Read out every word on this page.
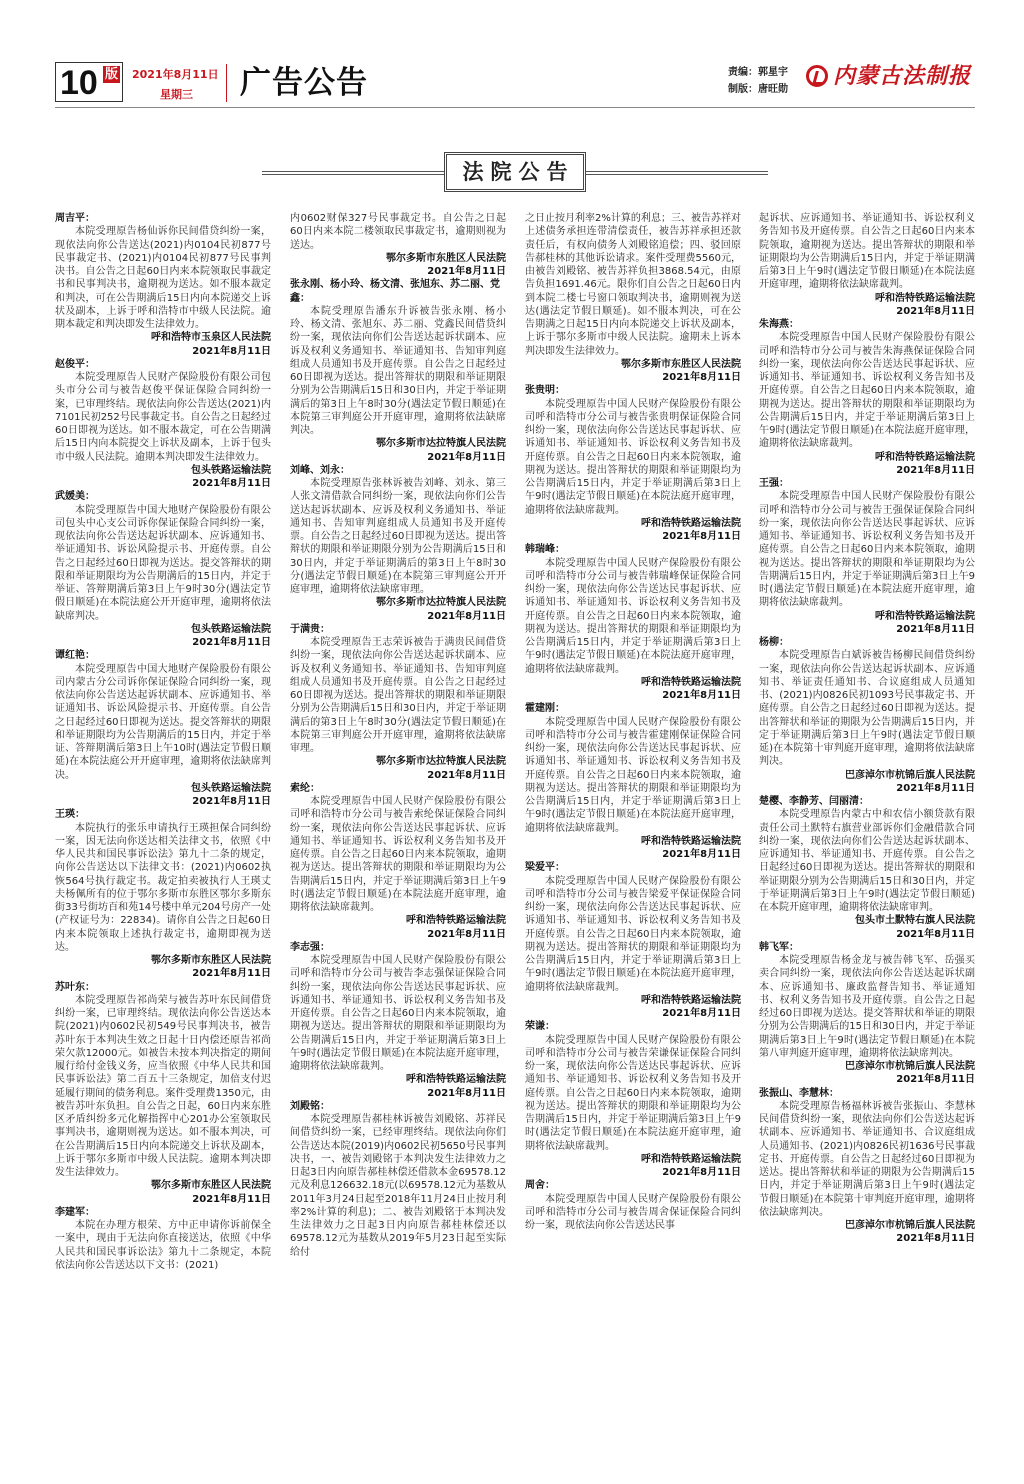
10 版 2021年8月11日
星期三 广告公告	责编：郭星宇
制版：唐旺勋
内蒙古法制报
法院公告

周吉平：

本院受理原告杨仙诉你民间借贷纠纷一案，现依法向你公告送达(2021)内0104民初877号民事裁定书、(2021)内0104民初877号民事判决书。自公告之日起60日内来本院领取民事裁定书和民事判决书，逾期视为送达。如不服本裁定和判决，可在公告期满后15日内向本院递交上诉状及副本，上诉于呼和浩特市中级人民法院。逾期本裁定和判决即发生法律效力。

呼和浩特市玉泉区人民法院

2021年8月11日

赵俊平：

本院受理原告人民财产保险股份有限公司包头市分公司与被告赵俊平保证保险合同纠纷一案，已审理终结。现依法向你公告送达(2021)内7101民初252号民事裁定书。自公告之日起经过60日即视为送达。如不服本裁定，可在公告期满后15日内向本院提交上诉状及副本，上诉于包头市中级人民法院。逾期本判决即发生法律效力。

包头铁路运输法院

2021年8月11日

武媛美：

本院受理原告中国大地财产保险股份有限公司包头中心支公司诉你保证保险合同纠纷一案，现依法向你公告送达起诉状副本、应诉通知书、举证通知书、诉讼风险提示书、开庭传票。自公告之日起经过60日即视为送达。提交答辩状的期限和举证期限均为公告期满后的15日内，并定于举证、答辩期满后第3日上午9时30分(遇法定节假日顺延)在本院法庭公开开庭审理，逾期将依法缺席判决。

包头铁路运输法院

2021年8月11日

谭红艳：

本院受理原告中国大地财产保险股份有限公司内蒙古分公司诉你保证保险合同纠纷一案，现依法向你公告送达起诉状副本、应诉通知书、举证通知书、诉讼风险提示书、开庭传票。自公告之日起经过60日即视为送达。提交答辩状的期限和举证期限均为公告期满后的15日内，并定于举证、答辩期满后第3日上午10时(遇法定节假日顺延)在本院法庭公开开庭审理，逾期将依法缺席判决。

包头铁路运输法院

2021年8月11日

王瑛：

本院执行的张乐申请执行王瑛担保合同纠纷一案，因无法向你送达相关法律文书，依照《中华人民共和国民事诉讼法》第九十二条的规定，向你公告送达以下法律文书：(2021)内0602执恢564号执行裁定书。裁定拍卖被执行人王瑛丈夫杨佩所有的位于鄂尔多斯市东胜区鄂尔多斯东街33号街坊百和苑14号楼中单元204号房产一处(产权证号为：22834)。请你自公告之日起60日内来本院领取上述执行裁定书，逾期即视为送达。

鄂尔多斯市东胜区人民法院

2021年8月11日

苏叶东：

本院受理原告祁尚荣与被告苏叶东民间借贷纠纷一案，已审理终结。现依法向你公告送达本院(2021)内0602民初549号民事判决书，被告苏叶东于本判决生效之日起十日内偿还原告祁尚荣欠款12000元。如被告未按本判决指定的期间履行给付金钱义务，应当依照《中华人民共和国民事诉讼法》第二百五十三条规定，加倍支付迟延履行期间的债务利息。案件受理费1350元，由被告苏叶东负担。自公告之日起，60日内来东胜区矛盾纠纷多元化解指挥中心201办公室领取民事判决书，逾期则视为送达。如不服本判决，可在公告期满后15日内向本院递交上诉状及副本，上诉于鄂尔多斯市中级人民法院。逾期本判决即发生法律效力。

鄂尔多斯市东胜区人民法院

2021年8月11日

李建军：

本院在办理方根荣、方中正申请你诉前保全一案中，现由于无法向你直接送达，依照《中华人民共和国民事诉讼法》第九十二条规定，本院依法向你公告送达以下文书：(2021)

内0602财保327号民事裁定书。自公告之日起60日内来本院二楼领取民事裁定书，逾期则视为送达。

鄂尔多斯市东胜区人民法院

2021年8月11日

张永刚、杨小玲、杨文清、张旭东、苏二丽、党鑫：

本院受理原告潘东升诉被告张永刚、杨小玲、杨文清、张旭东、苏二丽、党鑫民间借贷纠纷一案，现依法向你们公告送达起诉状副本、应诉及权利义务通知书、举证通知书、告知审判庭组成人员通知书及开庭传票。自公告之日起经过60日即视为送达。提出答辩状的期限和举证期限分别为公告期满后15日和30日内，并定于举证期满后的第3日上午8时30分(遇法定节假日顺延)在本院第三审判庭公开开庭审理，逾期将依法缺席判决。

鄂尔多斯市达拉特旗人民法院

2021年8月11日

刘峰、刘永：

本院受理原告张林诉被告刘峰、刘永、第三人张文清借款合同纠纷一案，现依法向你们公告送达起诉状副本、应诉及权利义务通知书、举证通知书、告知审判庭组成人员通知书及开庭传票。自公告之日起经过60日即视为送达。提出答辩状的期限和举证期限分别为公告期满后15日和30日内，并定于举证期满后的第3日上午8时30分(遇法定节假日顺延)在本院第三审判庭公开开庭审理，逾期将依法缺席审理。

鄂尔多斯市达拉特旗人民法院

2021年8月11日

于满贵：

本院受理原告王志荣诉被告于满贵民间借贷纠纷一案，现依法向你公告送达起诉状副本、应诉及权利义务通知书、举证通知书、告知审判庭组成人员通知书及开庭传票。自公告之日起经过60日即视为送达。提出答辩状的期限和举证期限分别为公告期满后15日和30日内，并定于举证期满后的第3日上午8时30分(遇法定节假日顺延)在本院第三审判庭公开开庭审理，逾期将依法缺席审理。

鄂尔多斯市达拉特旗人民法院

2021年8月11日

索纶：

本院受理原告中国人民财产保险股份有限公司呼和浩特市分公司与被告索纶保证保险合同纠纷一案，现依法向你公告送达民事起诉状、应诉通知书、举证通知书、诉讼权利义务告知书及开庭传票。自公告之日起60日内来本院领取，逾期视为送达。提出答辩状的期限和举证期限均为公告期满后15日内，并定于举证期满后第3日上午9时(遇法定节假日顺延)在本院法庭开庭审理，逾期将依法缺席裁判。

呼和浩特铁路运输法院

2021年8月11日

李志强：

本院受理原告中国人民财产保险股份有限公司呼和浩特市分公司与被告李志强保证保险合同纠纷一案，现依法向你公告送达民事起诉状、应诉通知书、举证通知书、诉讼权利义务告知书及开庭传票。自公告之日起60日内来本院领取，逾期视为送达。提出答辩状的期限和举证期限均为公告期满后15日内，并定于举证期满后第3日上午9时(遇法定节假日顺延)在本院法庭开庭审理，逾期将依法缺席裁判。

呼和浩特铁路运输法院

2021年8月11日

刘殿铭：

本院受理原告郝桂林诉被告刘殿铭、苏祥民间借贷纠纷一案，已经审理终结。现依法向你们公告送达本院(2019)内0602民初5650号民事判决书，一、被告刘殿铭于本判决发生法律效力之日起3日内向原告郝桂林偿还借款本金69578.12元及利息126632.18元(以69578.12元为基数从2011年3月24日起至2018年11月24日止按月利率2%计算的利息)；二、被告刘殿铭于本判决发生法律效力之日起3日内向原告郝桂林偿还以69578.12元为基数从2019年5月23日起至实际给付

之日止按月利率2%计算的利息；三、被告苏祥对上述债务承担连带清偿责任，被告苏祥承担还款责任后，有权向债务人刘殿铭追偿；四、驳回原告郝桂林的其他诉讼请求。案件受理费5560元，由被告刘殿铭、被告苏祥负担3868.54元，由原告负担1691.46元。限你们自公告之日起60日内到本院二楼七号窗口领取判决书，逾期则视为送达(遇法定节假日顺延)。如不服本判决，可在公告期满之日起15日内向本院递交上诉状及副本，上诉于鄂尔多斯市中级人民法院。逾期未上诉本判决即发生法律效力。

鄂尔多斯市东胜区人民法院

2021年8月11日

张贵明：

本院受理原告中国人民财产保险股份有限公司呼和浩特市分公司与被告张贵明保证保险合同纠纷一案，现依法向你公告送达民事起诉状、应诉通知书、举证通知书、诉讼权利义务告知书及开庭传票。自公告之日起60日内来本院领取，逾期视为送达。提出答辩状的期限和举证期限均为公告期满后15日内，并定于举证期满后第3日上午9时(遇法定节假日顺延)在本院法庭开庭审理，逾期将依法缺席裁判。

呼和浩特铁路运输法院

2021年8月11日

韩瑞峰：

本院受理原告中国人民财产保险股份有限公司呼和浩特市分公司与被告韩瑞峰保证保险合同纠纷一案，现依法向你公告送达民事起诉状、应诉通知书、举证通知书、诉讼权利义务告知书及开庭传票。自公告之日起60日内来本院领取，逾期视为送达。提出答辩状的期限和举证期限均为公告期满后15日内，并定于举证期满后第3日上午9时(遇法定节假日顺延)在本院法庭开庭审理，逾期将依法缺席裁判。

呼和浩特铁路运输法院

2021年8月11日

霍建刚：

本院受理原告中国人民财产保险股份有限公司呼和浩特市分公司与被告霍建刚保证保险合同纠纷一案，现依法向你公告送达民事起诉状、应诉通知书、举证通知书、诉讼权利义务告知书及开庭传票。自公告之日起60日内来本院领取，逾期视为送达。提出答辩状的期限和举证期限均为公告期满后15日内，并定于举证期满后第3日上午9时(遇法定节假日顺延)在本院法庭开庭审理，逾期将依法缺席裁判。

呼和浩特铁路运输法院

2021年8月11日

梁爱平：

本院受理原告中国人民财产保险股份有限公司呼和浩特市分公司与被告梁爱平保证保险合同纠纷一案，现依法向你公告送达民事起诉状、应诉通知书、举证通知书、诉讼权利义务告知书及开庭传票。自公告之日起60日内来本院领取，逾期视为送达。提出答辩状的期限和举证期限均为公告期满后15日内，并定于举证期满后第3日上午9时(遇法定节假日顺延)在本院法庭开庭审理，逾期将依法缺席裁判。

呼和浩特铁路运输法院

2021年8月11日

荣谦：

本院受理原告中国人民财产保险股份有限公司呼和浩特市分公司与被告荣谦保证保险合同纠纷一案，现依法向你公告送达民事起诉状、应诉通知书、举证通知书、诉讼权利义务告知书及开庭传票。自公告之日起60日内来本院领取，逾期视为送达。提出答辩状的期限和举证期限均为公告期满后15日内，并定于举证期满后第3日上午9时(遇法定节假日顺延)在本院法庭开庭审理，逾期将依法缺席裁判。

呼和浩特铁路运输法院

2021年8月11日

周舍：

本院受理原告中国人民财产保险股份有限公司呼和浩特市分公司与被告周舍保证保险合同纠纷一案，现依法向你公告送达民事

起诉状、应诉通知书、举证通知书、诉讼权利义务告知书及开庭传票。自公告之日起60日内来本院领取，逾期视为送达。提出答辩状的期限和举证期限均为公告期满后15日内，并定于举证期满后第3日上午9时(遇法定节假日顺延)在本院法庭开庭审理，逾期将依法缺席裁判。

呼和浩特铁路运输法院

2021年8月11日

朱海燕：

本院受理原告中国人民财产保险股份有限公司呼和浩特市分公司与被告朱海燕保证保险合同纠纷一案，现依法向你公告送达民事起诉状、应诉通知书、举证通知书、诉讼权利义务告知书及开庭传票。自公告之日起60日内来本院领取，逾期视为送达。提出答辩状的期限和举证期限均为公告期满后15日内，并定于举证期满后第3日上午9时(遇法定节假日顺延)在本院法庭开庭审理，逾期将依法缺席裁判。

呼和浩特铁路运输法院

2021年8月11日

王强：

本院受理原告中国人民财产保险股份有限公司呼和浩特市分公司与被告王强保证保险合同纠纷一案，现依法向你公告送达民事起诉状、应诉通知书、举证通知书、诉讼权利义务告知书及开庭传票。自公告之日起60日内来本院领取，逾期视为送达。提出答辩状的期限和举证期限均为公告期满后15日内，并定于举证期满后第3日上午9时(遇法定节假日顺延)在本院法庭开庭审理，逾期将依法缺席裁判。

呼和浩特铁路运输法院

2021年8月11日

杨柳：

本院受理原告白斌诉被告杨柳民间借贷纠纷一案，现依法向你公告送达起诉状副本、应诉通知书、举证责任通知书、合议庭组成人员通知书、(2021)内0826民初1093号民事裁定书、开庭传票。自公告之日起经过60日即视为送达。提出答辩状和举证的期限为公告期满后15日内，并定于举证期满后第3日上午9时(遇法定节假日顺延)在本院第十审判庭开庭审理，逾期将依法缺席判决。

巴彦淖尔市杭锦后旗人民法院

2021年8月11日

楚樱、李静芳、闫丽清：

本院受理原告内蒙古中和农信小额贷款有限责任公司土默特右旗营业部诉你们金融借款合同纠纷一案，现依法向你们公告送达起诉状副本、应诉通知书、举证通知书、开庭传票。自公告之日起经过60日即视为送达。提出答辩状的期限和举证期限分别为公告期满后15日和30日内，并定于举证期满后第3日上午9时(遇法定节假日顺延)在本院开庭审理，逾期将依法缺席审判。

包头市土默特右旗人民法院

2021年8月11日

韩飞军：

本院受理原告杨金龙与被告韩飞军、岳强买卖合同纠纷一案，现依法向你公告送达起诉状副本、应诉通知书、廉政监督告知书、举证通知书、权利义务告知书及开庭传票。自公告之日起经过60日即视为送达。提交答辩状和举证的期限分别为公告期满后的15日和30日内，并定于举证期满后第3日上午9时(遇法定节假日顺延)在本院第八审判庭开庭审理，逾期将依法缺席判决。

巴彦淖尔市杭锦后旗人民法院

2021年8月11日

张振山、李慧林：

本院受理原告杨福林诉被告张振山、李慧林民间借贷纠纷一案，现依法向你们公告送达起诉状副本、应诉通知书、举证通知书、合议庭组成人员通知书、(2021)内0826民初1636号民事裁定书、开庭传票。自公告之日起经过60日即视为送达。提出答辩状和举证的期限为公告期满后15日内，并定于举证期满后第3日上午9时(遇法定节假日顺延)在本院第十审判庭开庭审理，逾期将依法缺席判决。

巴彦淖尔市杭锦后旗人民法院

2021年8月11日
